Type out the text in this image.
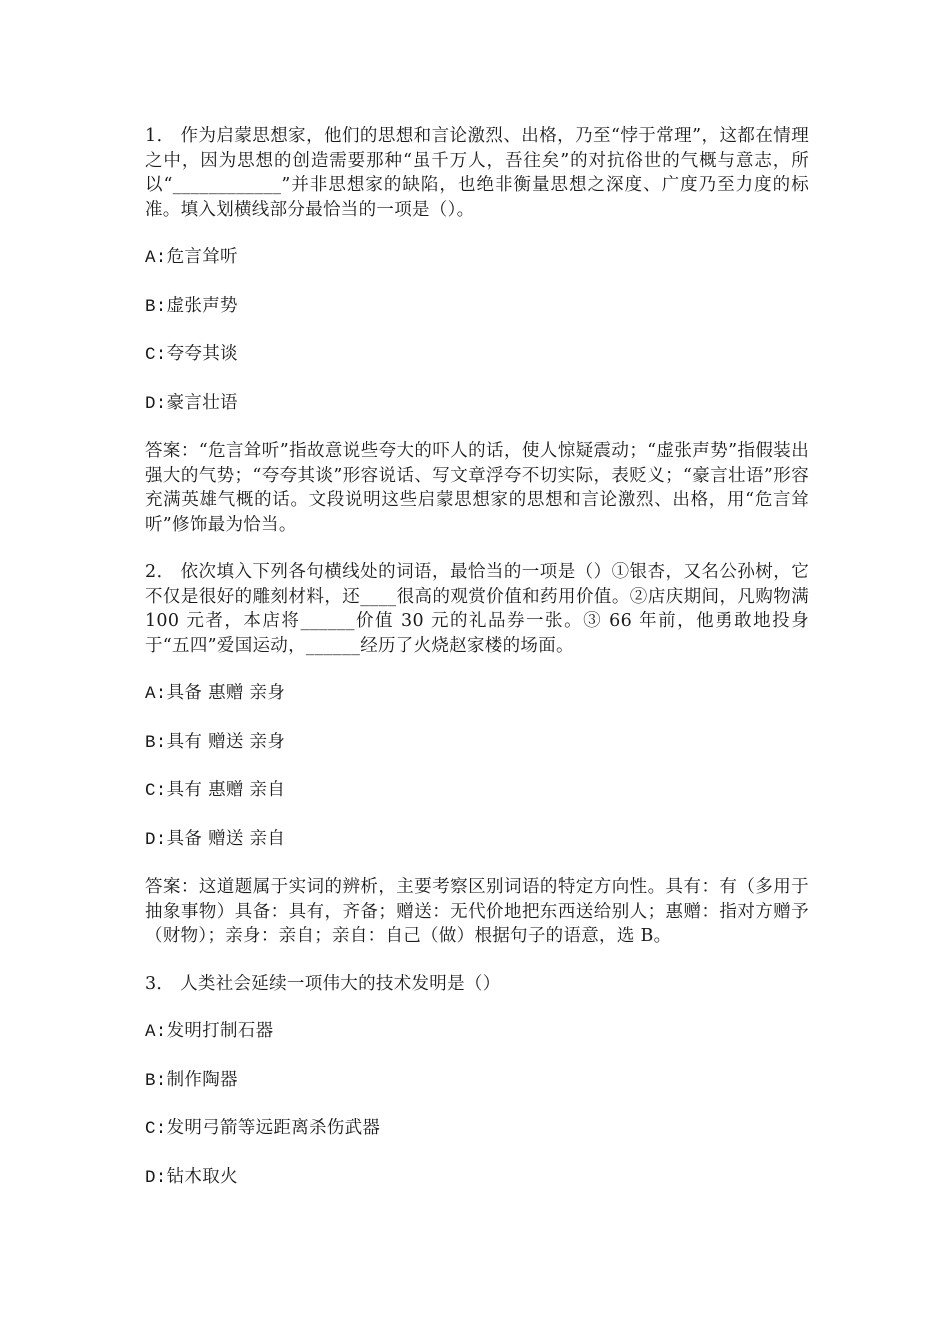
1． 作为启蒙思想家，他们的思想和言论激烈、出格，乃至“悖于常理”，这都在情理之中，因为思想的创造需要那种“虽千万人，吾往矣”的对抗俗世的气概与意志，所以“____________”并非思想家的缺陷，也绝非衡量思想之深度、广度乃至力度的标准。填入划横线部分最恰当的一项是（）。

A:危言耸听

B:虚张声势

C:夸夸其谈

D:豪言壮语

答案：“危言耸听”指故意说些夸大的吓人的话，使人惊疑震动；“虚张声势”指假装出强大的气势；“夸夸其谈”形容说话、写文章浮夸不切实际，表贬义；“豪言壮语”形容充满英雄气概的话。文段说明这些启蒙思想家的思想和言论激烈、出格，用“危言耸听”修饰最为恰当。

2． 依次填入下列各句横线处的词语，最恰当的一项是（）①银杏，又名公孙树，它不仅是很好的雕刻材料，还____很高的观赏价值和药用价值。②店庆期间，凡购物满 100 元者，本店将______价值 30 元的礼品券一张。③ 66 年前，他勇敢地投身于“五四”爱国运动，______经历了火烧赵家楼的场面。

A:具备 惠赠 亲身

B:具有 赠送 亲身

C:具有 惠赠 亲自

D:具备 赠送 亲自

答案：这道题属于实词的辨析，主要考察区别词语的特定方向性。具有：有（多用于抽象事物）具备：具有，齐备；赠送：无代价地把东西送给别人；惠赠：指对方赠予（财物）；亲身：亲自；亲自：自己（做）根据句子的语意，选 B。

3． 人类社会延续一项伟大的技术发明是（）

A:发明打制石器

B:制作陶器

C:发明弓箭等远距离杀伤武器

D:钻木取火
